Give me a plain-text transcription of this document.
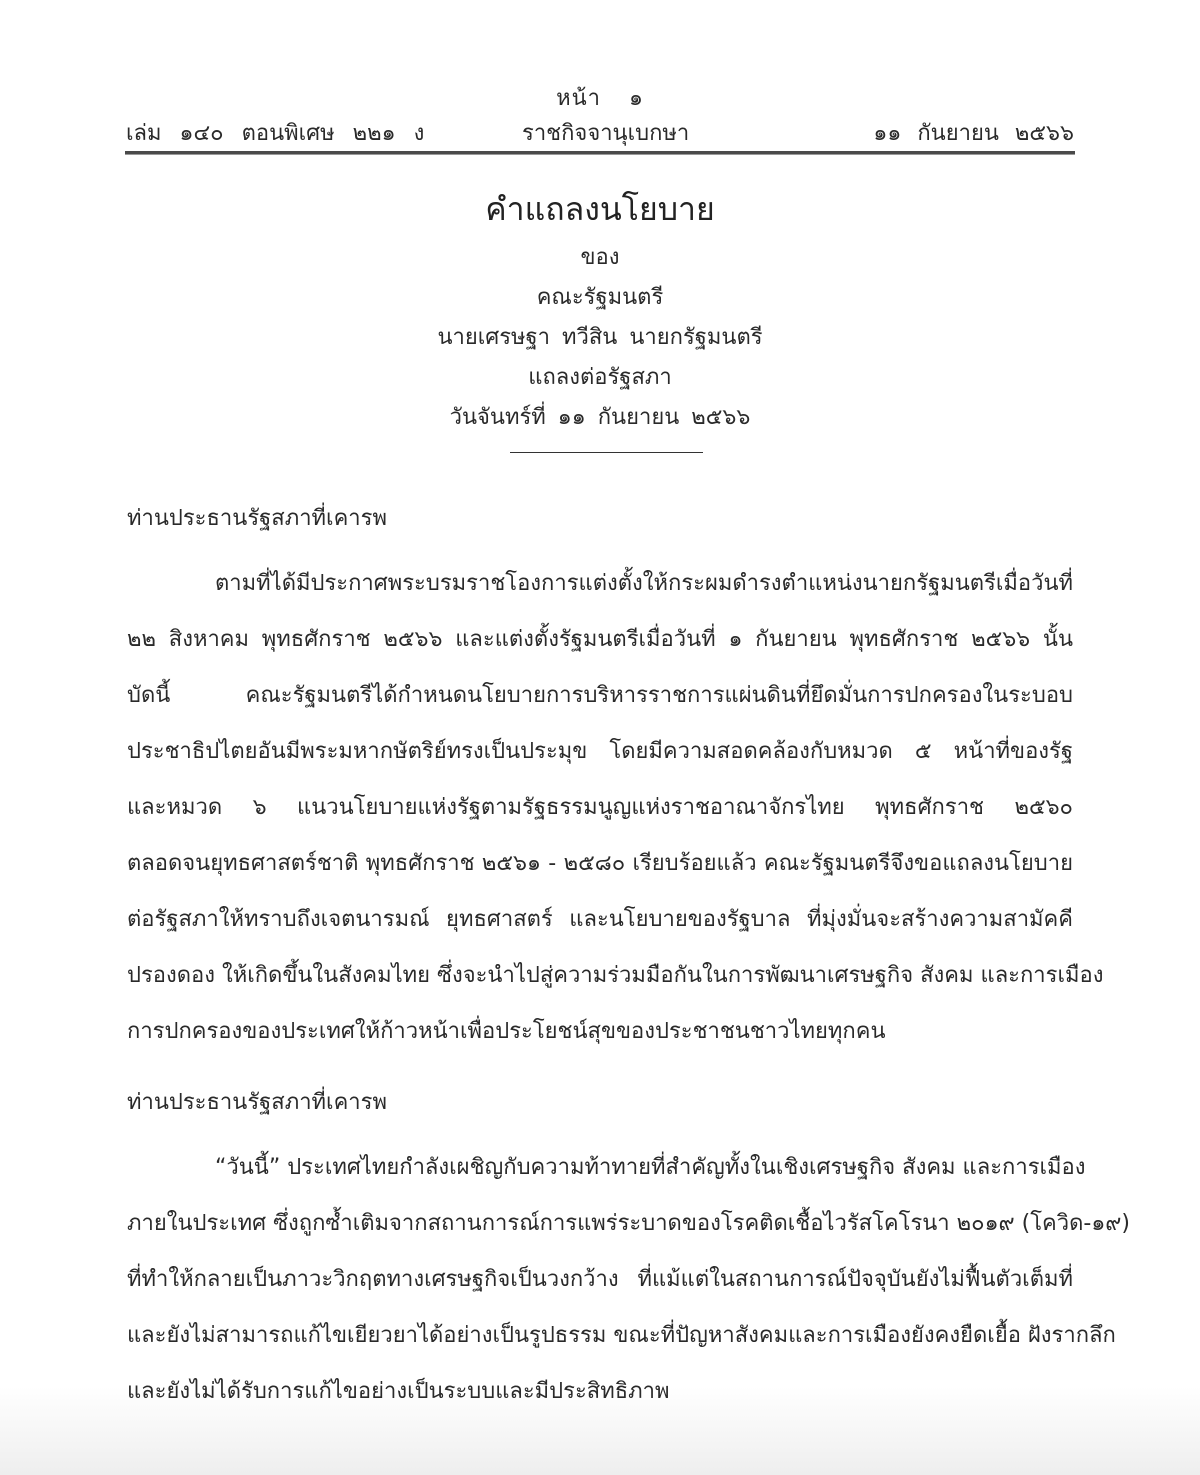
หน้า ๑
เล่ม ๑๔๐ ตอนพิเศษ ๒๒๑ ง	ราชกิจจานุเบกษา	๑๑ กันยายน ๒๕๖๖
คำแถลงนโยบาย
ของ
คณะรัฐมนตรี
นายเศรษฐา ทวีสิน นายกรัฐมนตรี
แถลงต่อรัฐสภา
วันจันทร์ที่ ๑๑ กันยายน ๒๕๖๖
ท่านประธานรัฐสภาที่เคารพ
ตามที่ได้มีประกาศพระบรมราชโองการแต่งตั้งให้กระผมดำรงตำแหน่งนายกรัฐมนตรีเมื่อวันที่
๒๒ สิงหาคม พุทธศักราช ๒๕๖๖ และแต่งตั้งรัฐมนตรีเมื่อวันที่ ๑ กันยายน พุทธศักราช ๒๕๖๖ นั้น
บัดนี้ คณะรัฐมนตรีได้กำหนดนโยบายการบริหารราชการแผ่นดินที่ยึดมั่นการปกครองในระบอบ
ประชาธิปไตยอันมีพระมหากษัตริย์ทรงเป็นประมุข โดยมีความสอดคล้องกับหมวด ๕ หน้าที่ของรัฐ
และหมวด ๖ แนวนโยบายแห่งรัฐตามรัฐธรรมนูญแห่งราชอาณาจักรไทย พุทธศักราช ๒๕๖๐
ตลอดจนยุทธศาสตร์ชาติ พุทธศักราช ๒๕๖๑ - ๒๕๘๐ เรียบร้อยแล้ว คณะรัฐมนตรีจึงขอแถลงนโยบาย
ต่อรัฐสภาให้ทราบถึงเจตนารมณ์ ยุทธศาสตร์ และนโยบายของรัฐบาล ที่มุ่งมั่นจะสร้างความสามัคคี
ปรองดอง ให้เกิดขึ้นในสังคมไทย ซึ่งจะนำไปสู่ความร่วมมือกันในการพัฒนาเศรษฐกิจ สังคม และการเมือง
การปกครองของประเทศให้ก้าวหน้าเพื่อประโยชน์สุขของประชาชนชาวไทยทุกคน
ท่านประธานรัฐสภาที่เคารพ
“วันนี้” ประเทศไทยกำลังเผชิญกับความท้าทายที่สำคัญทั้งในเชิงเศรษฐกิจ สังคม และการเมือง
ภายในประเทศ ซึ่งถูกซ้ำเติมจากสถานการณ์การแพร่ระบาดของโรคติดเชื้อไวรัสโคโรนา ๒๐๑๙ (โควิด-๑๙)
ที่ทำให้กลายเป็นภาวะวิกฤตทางเศรษฐกิจเป็นวงกว้าง ที่แม้แต่ในสถานการณ์ปัจจุบันยังไม่ฟื้นตัวเต็มที่
และยังไม่สามารถแก้ไขเยียวยาได้อย่างเป็นรูปธรรม ขณะที่ปัญหาสังคมและการเมืองยังคงยืดเยื้อ ฝังรากลึก
และยังไม่ได้รับการแก้ไขอย่างเป็นระบบและมีประสิทธิภาพ
